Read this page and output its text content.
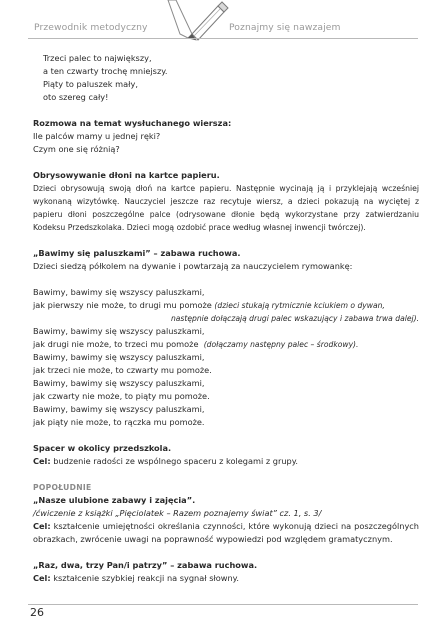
Przewodnik metodyczny	Poznajmy się nawzajem

Trzeci palec to największy,

a ten czwarty trochę mniejszy.

Piąty to paluszek mały,

oto szereg cały!

Rozmowa na temat wysłuchanego wiersza:

Ile palców mamy u jednej ręki?

Czym one się różnią?

Obrysowywanie dłoni na kartce papieru.

Dzieci obrysowują swoją dłoń na kartce papieru. Następnie wycinają ją i przyklejają wcześniej wykonaną wizytówkę. Nauczyciel jeszcze raz recytuje wiersz, a dzieci pokazują na wyciętej z papieru dłoni poszczególne palce (odrysowane dłonie będą wykorzystane przy zatwierdzaniu Kodeksu Przedszkolaka. Dzieci mogą ozdobić prace według własnej inwencji twórczej).

„Bawimy się paluszkami” – zabawa ruchowa.

Dzieci siedzą półkolem na dywanie i powtarzają za nauczycielem rymowankę:

Bawimy, bawimy się wszyscy paluszkami,

jak pierwszy nie może, to drugi mu pomoże (dzieci stukają rytmicznie kciukiem o dywan,

następnie dołączają drugi palec wskazujący i zabawa trwa dalej).

Bawimy, bawimy się wszyscy paluszkami,

jak drugi nie może, to trzeci mu pomoże (dołączamy następny palec – środkowy).

Bawimy, bawimy się wszyscy paluszkami,

jak trzeci nie może, to czwarty mu pomoże.

Bawimy, bawimy się wszyscy paluszkami,

jak czwarty nie może, to piąty mu pomoże.

Bawimy, bawimy się wszyscy paluszkami,

jak piąty nie może, to rączka mu pomoże.

Spacer w okolicy przedszkola.

Cel: budzenie radości ze wspólnego spaceru z kolegami z grupy.

POPOŁUDNIE

„Nasze ulubione zabawy i zajęcia”.

/ćwiczenie z książki „Pięciolatek – Razem poznajemy świat” cz. 1, s. 3/

Cel: kształcenie umiejętności określania czynności, które wykonują dzieci na poszczególnych obrazkach, zwrócenie uwagi na poprawność wypowiedzi pod względem gramatycznym.

„Raz, dwa, trzy Pan/i patrzy” – zabawa ruchowa.

Cel: kształcenie szybkiej reakcji na sygnał słowny.

26
